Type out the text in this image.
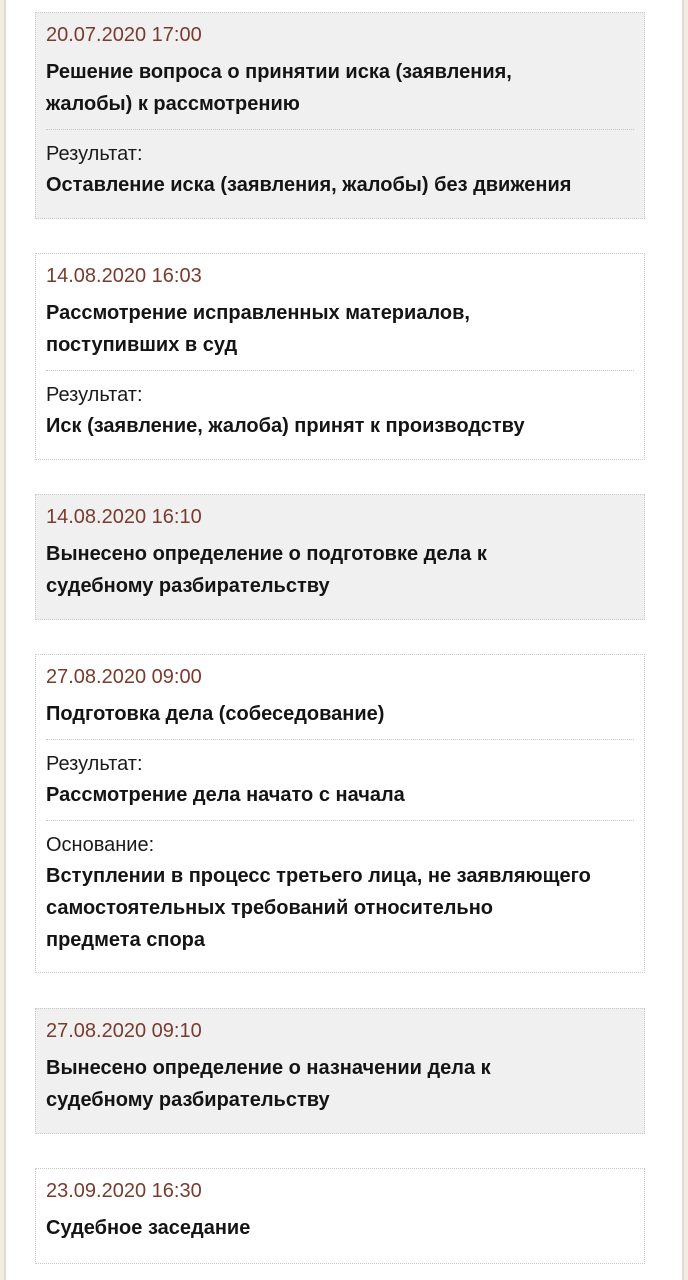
20.07.2020 17:00
Решение вопроса о принятии иска (заявления,
жалобы) к рассмотрению
Результат:
Оставление иска (заявления, жалобы) без движения
14.08.2020 16:03
Рассмотрение исправленных материалов,
поступивших в суд
Результат:
Иск (заявление, жалоба) принят к производству
14.08.2020 16:10
Вынесено определение о подготовке дела к
судебному разбирательству
27.08.2020 09:00
Подготовка дела (собеседование)
Результат:
Рассмотрение дела начато с начала
Основание:
Вступлении в процесс третьего лица, не заявляющего
самостоятельных требований относительно
предмета спора
27.08.2020 09:10
Вынесено определение о назначении дела к
судебному разбирательству
23.09.2020 16:30
Судебное заседание
